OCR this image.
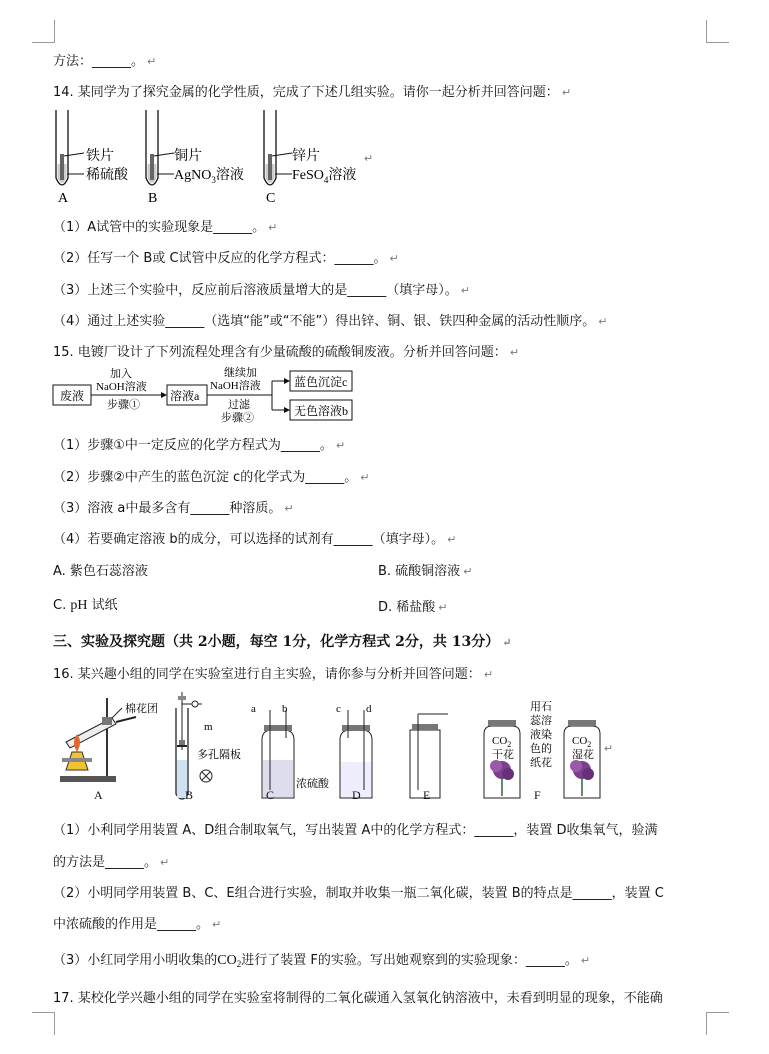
方法：______。 ↵
14. 某同学为了探究金属的化学性质，完成了下述几组实验。请你一起分析并回答问题： ↵
铁片
稀硫酸
A
铜片
AgNO$_3$溶液
B
锌片
FeSO$_4$溶液
C
↵
（1）A试管中的实验现象是______。 ↵
（2）任写一个 B或 C试管中反应的化学方程式：______。 ↵
（3）上述三个实验中，反应前后溶液质量增大的是______（填字母）。 ↵
（4）通过上述实验______（选填“能”或“不能”）得出锌、铜、银、铁四种金属的活动性顺序。 ↵
15. 电镀厂设计了下列流程处理含有少量硫酸的硫酸铜废液。分析并回答问题： ↵
废液
加入
NaOH溶液
步骤①
溶液a
继续加
NaOH溶液
过滤
步骤②
蓝色沉淀c
无色溶液b
（1）步骤①中一定反应的化学方程式为______。 ↵
（2）步骤②中产生的蓝色沉淀 c的化学式为______。 ↵
（3）溶液 a中最多含有______种溶质。 ↵
（4）若要确定溶液 b的成分，可以选择的试剂有______（填字母）。 ↵
A. 紫色石蕊溶液	B. 硫酸铜溶液 ↵
C. pH 试纸	D. 稀盐酸 ↵
三、实验及探究题（共 2小题，每空 1分，化学方程式 2分，共 13分） ↵
16. 某兴趣小组的同学在实验室进行自主实验，请你参与分析并回答问题： ↵
棉花团
m
多孔隔板
a b
浓硫酸
c d
$CO_2$
干花
用石
蕊溶
液染
色的
纸花
$CO_2$
湿花 ↵
A	B	C	D	E	F
（1）小利同学用装置 A、D组合制取氧气，写出装置 A中的化学方程式：______，装置 D收集氧气，验满
的方法是______。 ↵
（2）小明同学用装置 B、C、E组合进行实验，制取并收集一瓶二氧化碳，装置 B的特点是______，装置 C
中浓硫酸的作用是______。 ↵
（3）小红同学用小明收集的$CO_2$进行了装置 F的实验。写出她观察到的实验现象：______。 ↵
17. 某校化学兴趣小组的同学在实验室将制得的二氧化碳通入氢氧化钠溶液中，未看到明显的现象，不能确
